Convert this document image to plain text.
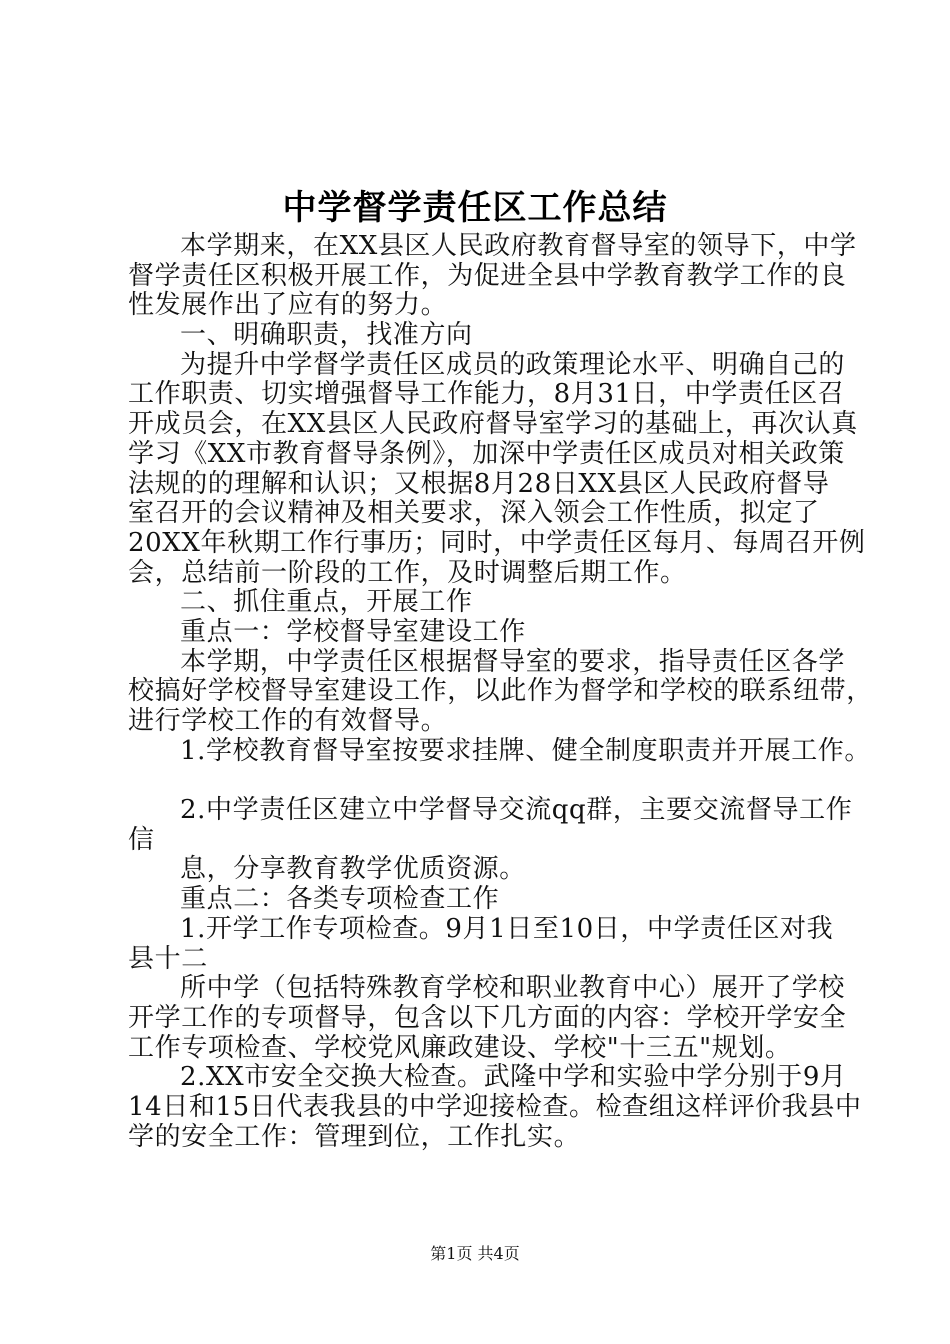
中学督学责任区工作总结
本学期来，在XX县区人民政府教育督导室的领导下，中学
督学责任区积极开展工作，为促进全县中学教育教学工作的良
性发展作出了应有的努力。
一、明确职责，找准方向
为提升中学督学责任区成员的政策理论水平、明确自己的
工作职责、切实增强督导工作能力，8月31日，中学责任区召
开成员会，在XX县区人民政府督导室学习的基础上，再次认真
学习《XX市教育督导条例》，加深中学责任区成员对相关政策
法规的的理解和认识；又根据8月28日XX县区人民政府督导
室召开的会议精神及相关要求，深入领会工作性质，拟定了
20XX年秋期工作行事历；同时，中学责任区每月、每周召开例
会，总结前一阶段的工作，及时调整后期工作。
二、抓住重点，开展工作
重点一：学校督导室建设工作
本学期，中学责任区根据督导室的要求，指导责任区各学
校搞好学校督导室建设工作，以此作为督学和学校的联系纽带，
进行学校工作的有效督导。
1.学校教育督导室按要求挂牌、健全制度职责并开展工作。
2.中学责任区建立中学督导交流qq群，主要交流督导工作
信
息，分享教育教学优质资源。
重点二：各类专项检查工作
1.开学工作专项检查。9月1日至10日，中学责任区对我
县十二
所中学（包括特殊教育学校和职业教育中心）展开了学校
开学工作的专项督导，包含以下几方面的内容：学校开学安全
工作专项检查、学校党风廉政建设、学校"十三五"规划。
2.XX市安全交换大检查。武隆中学和实验中学分别于9月
14日和15日代表我县的中学迎接检查。检查组这样评价我县中
学的安全工作：管理到位，工作扎实。
第1页 共4页
